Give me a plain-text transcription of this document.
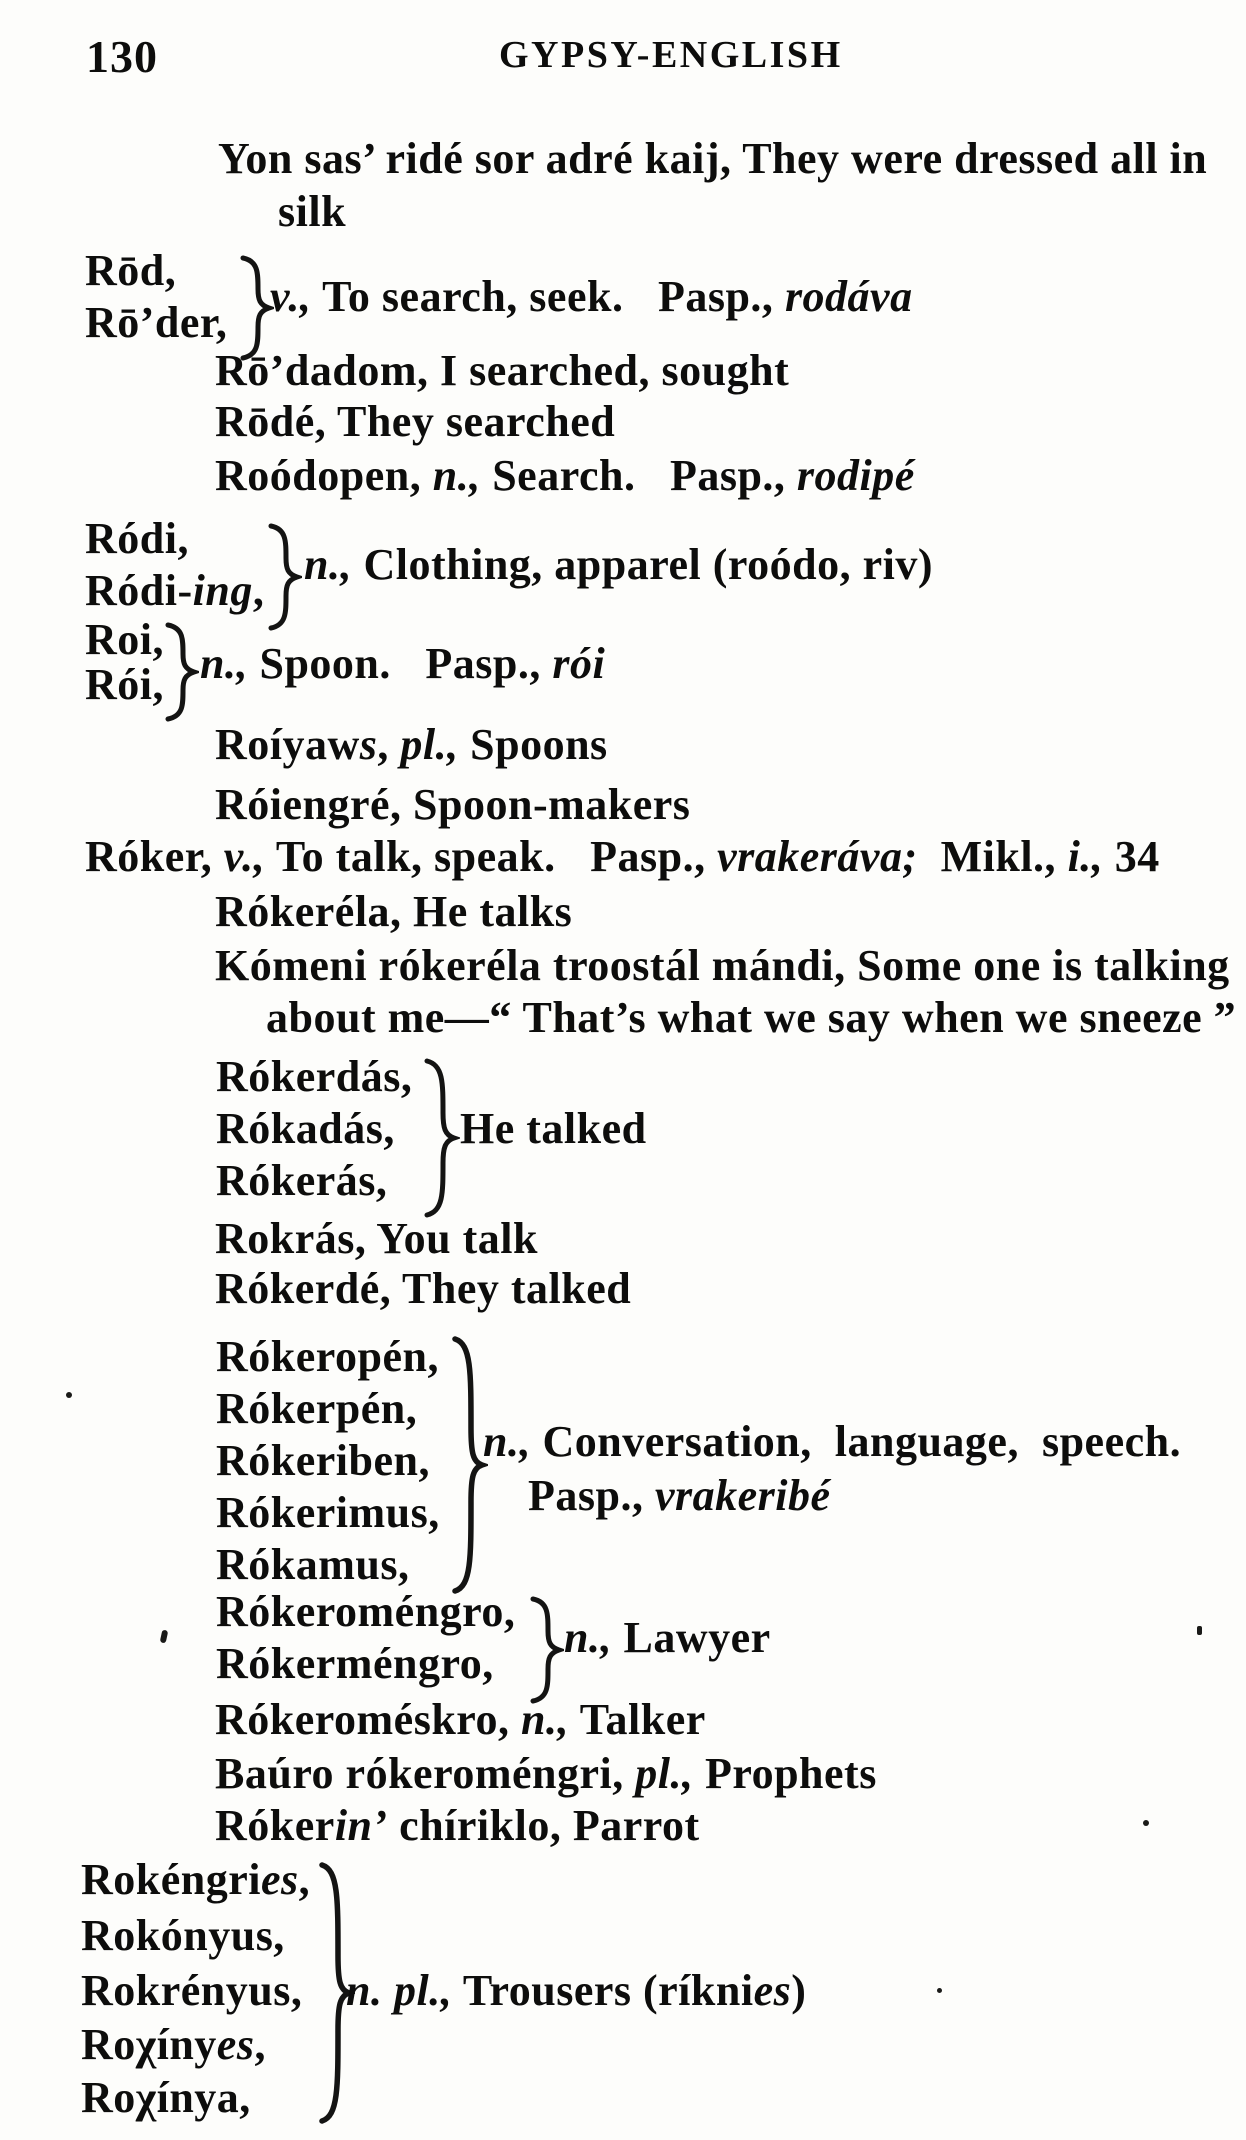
130	GYPSY-ENGLISH
Yon sas’ ridé sor adré kaij, They were dressed all in
silk
Rōd,
Rō’der,
v., To search, seek.   Pasp., rodáva
Rō’dadom, I searched, sought
Rōdé, They searched
Roódopen, n., Search.   Pasp., rodipé
Ródi,
Ródi-ing,
n., Clothing, apparel (roódo, riv)
Roi,
Rói, n., Spoon.   Pasp., rói
Roíyaws, pl., Spoons
Róiengré, Spoon-makers
Róker, v., To talk, speak.   Pasp., vrakeráva;  Mikl., i., 34
Rókeréla, He talks
Kómeni rókeréla troostál mándi, Some one is talking
about me—“ That’s what we say when we sneeze ”
Rókerdás,
Rókadás,
Rókerás,
He talked
Rokrás, You talk
Rókerdé, They talked
Rókeropén,
Rókerpén,
Rókeriben,
Rókerimus,
Rókamus,
n., Conversation,  language,  speech.
Pasp., vrakeribé
Rókeroméngro,
Rókerméngro,
n., Lawyer
Rókeroméskro, n., Talker
Baúro rókeroméngri, pl., Prophets
Rókerin’ chíriklo, Parrot
Rokéngries,
Rokónyus,
Rokrényus,
Roχínyes,
Roχínya,
n. pl., Trousers (ríknies)
